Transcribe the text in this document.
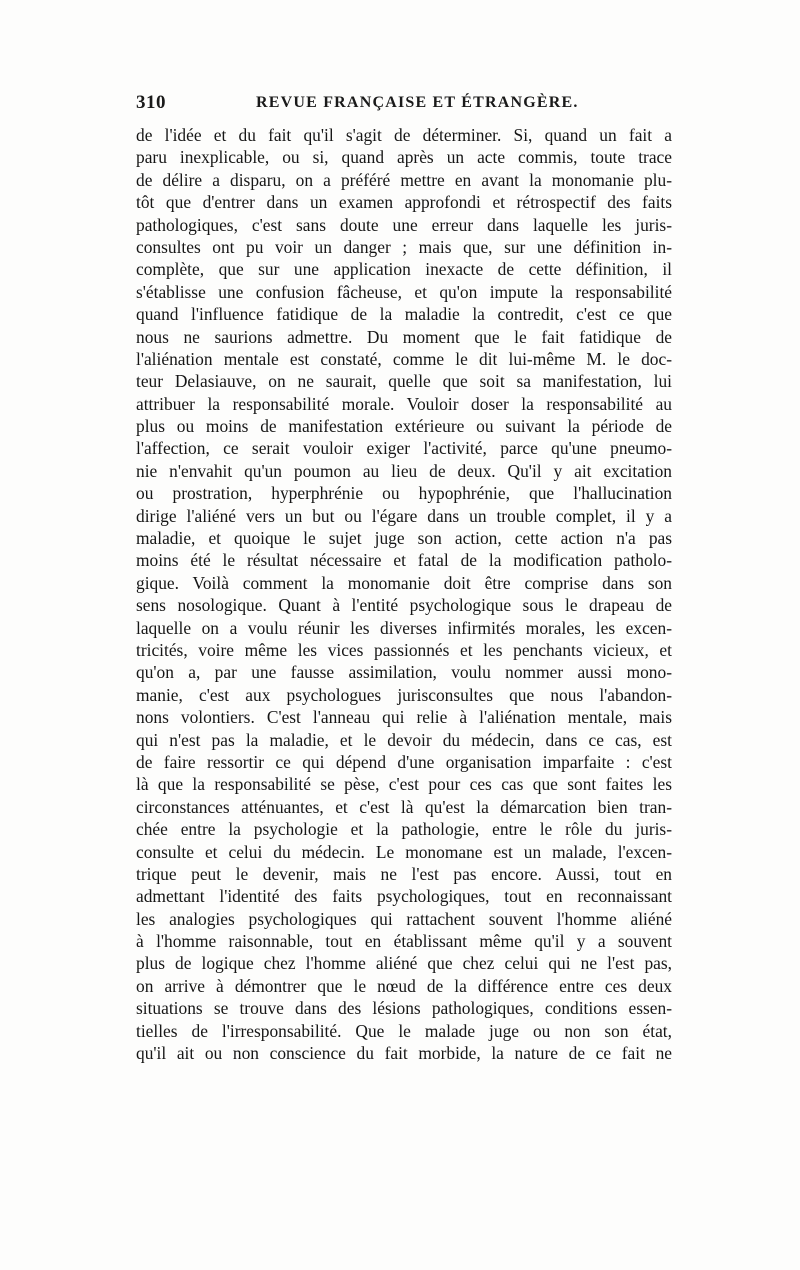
310	REVUE FRANÇAISE ET ÉTRANGÈRE.
de l'idée et du fait qu'il s'agit de déterminer. Si, quand un fait a
paru inexplicable, ou si, quand après un acte commis, toute trace
de délire a disparu, on a préféré mettre en avant la monomanie plu-
tôt que d'entrer dans un examen approfondi et rétrospectif des faits
pathologiques, c'est sans doute une erreur dans laquelle les juris-
consultes ont pu voir un danger ; mais que, sur une définition in-
complète, que sur une application inexacte de cette définition, il
s'établisse une confusion fâcheuse, et qu'on impute la responsabilité
quand l'influence fatidique de la maladie la contredit, c'est ce que
nous ne saurions admettre. Du moment que le fait fatidique de
l'aliénation mentale est constaté, comme le dit lui-même M. le doc-
teur Delasiauve, on ne saurait, quelle que soit sa manifestation, lui
attribuer la responsabilité morale. Vouloir doser la responsabilité au
plus ou moins de manifestation extérieure ou suivant la période de
l'affection, ce serait vouloir exiger l'activité, parce qu'une pneumo-
nie n'envahit qu'un poumon au lieu de deux. Qu'il y ait excitation
ou prostration, hyperphrénie ou hypophrénie, que l'hallucination
dirige l'aliéné vers un but ou l'égare dans un trouble complet, il y a
maladie, et quoique le sujet juge son action, cette action n'a pas
moins été le résultat nécessaire et fatal de la modification patholo-
gique. Voilà comment la monomanie doit être comprise dans son
sens nosologique. Quant à l'entité psychologique sous le drapeau de
laquelle on a voulu réunir les diverses infirmités morales, les excen-
tricités, voire même les vices passionnés et les penchants vicieux, et
qu'on a, par une fausse assimilation, voulu nommer aussi mono-
manie, c'est aux psychologues jurisconsultes que nous l'abandon-
nons volontiers. C'est l'anneau qui relie à l'aliénation mentale, mais
qui n'est pas la maladie, et le devoir du médecin, dans ce cas, est
de faire ressortir ce qui dépend d'une organisation imparfaite : c'est
là que la responsabilité se pèse, c'est pour ces cas que sont faites les
circonstances atténuantes, et c'est là qu'est la démarcation bien tran-
chée entre la psychologie et la pathologie, entre le rôle du juris-
consulte et celui du médecin. Le monomane est un malade, l'excen-
trique peut le devenir, mais ne l'est pas encore. Aussi, tout en
admettant l'identité des faits psychologiques, tout en reconnaissant
les analogies psychologiques qui rattachent souvent l'homme aliéné
à l'homme raisonnable, tout en établissant même qu'il y a souvent
plus de logique chez l'homme aliéné que chez celui qui ne l'est pas,
on arrive à démontrer que le nœud de la différence entre ces deux
situations se trouve dans des lésions pathologiques, conditions essen-
tielles de l'irresponsabilité. Que le malade juge ou non son état,
qu'il ait ou non conscience du fait morbide, la nature de ce fait ne
